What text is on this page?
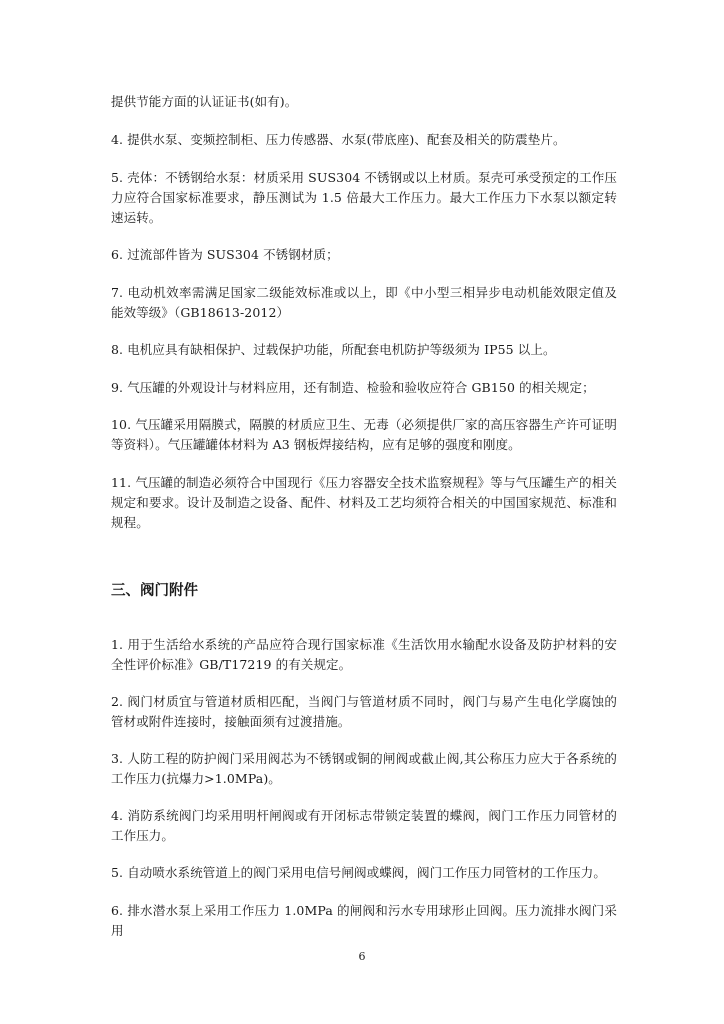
提供节能方面的认证证书(如有)。

4. 提供水泵、变频控制柜、压力传感器、水泵(带底座)、配套及相关的防震垫片。

5. 壳体：不锈钢给水泵：材质采用 SUS304 不锈钢或以上材质。泵壳可承受预定的工作压力应符合国家标准要求，静压测试为 1.5 倍最大工作压力。最大工作压力下水泵以额定转速运转。

6. 过流部件皆为 SUS304 不锈钢材质；

7. 电动机效率需满足国家二级能效标准或以上，即《中小型三相异步电动机能效限定值及能效等级》（GB18613-2012）

8. 电机应具有缺相保护、过载保护功能，所配套电机防护等级须为 IP55 以上。

9. 气压罐的外观设计与材料应用，还有制造、检验和验收应符合 GB150 的相关规定；

10. 气压罐采用隔膜式，隔膜的材质应卫生、无毒（必须提供厂家的高压容器生产许可证明等资料）。气压罐罐体材料为 A3 钢板焊接结构，应有足够的强度和刚度。

11. 气压罐的制造必须符合中国现行《压力容器安全技术监察规程》等与气压罐生产的相关规定和要求。设计及制造之设备、配件、材料及工艺均须符合相关的中国国家规范、标准和规程。

三、阀门附件

1. 用于生活给水系统的产品应符合现行国家标准《生活饮用水输配水设备及防护材料的安全性评价标准》GB/T17219 的有关规定。

2. 阀门材质宜与管道材质相匹配，当阀门与管道材质不同时，阀门与易产生电化学腐蚀的管材或附件连接时，接触面须有过渡措施。

3. 人防工程的防护阀门采用阀芯为不锈钢或铜的闸阀或截止阀,其公称压力应大于各系统的工作压力(抗爆力>1.0MPa)。

4. 消防系统阀门均采用明杆闸阀或有开闭标志带锁定装置的蝶阀，阀门工作压力同管材的工作压力。

5. 自动喷水系统管道上的阀门采用电信号闸阀或蝶阀，阀门工作压力同管材的工作压力。

6. 排水潜水泵上采用工作压力 1.0MPa 的闸阀和污水专用球形止回阀。压力流排水阀门采用

6
